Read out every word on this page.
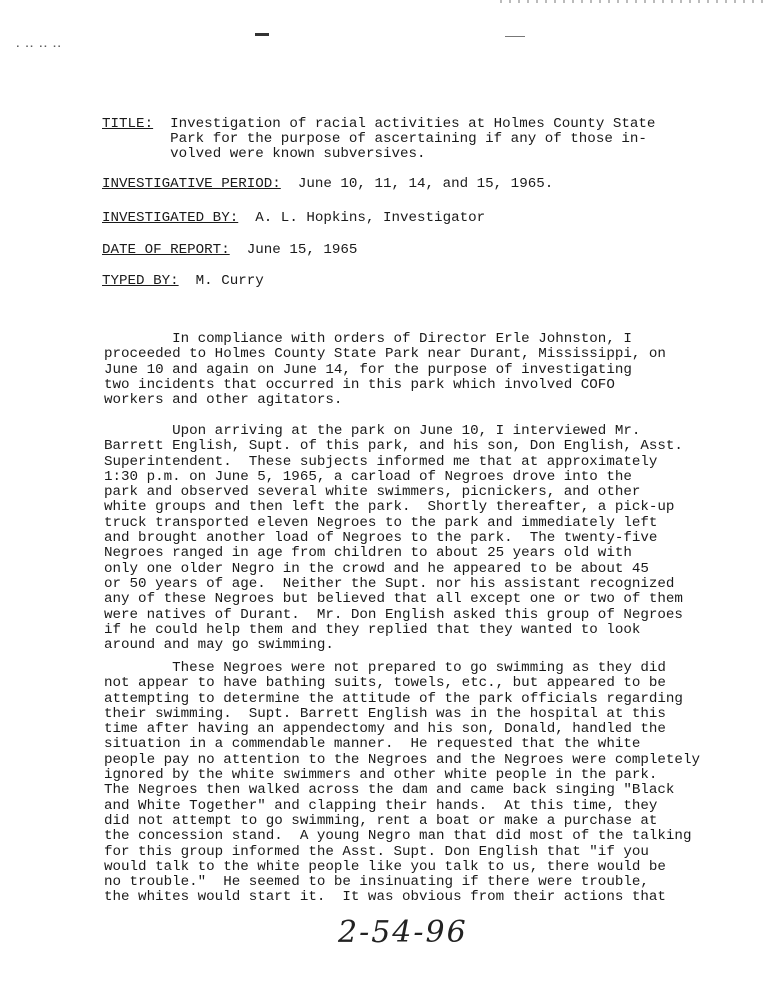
▪ ▪▪ ▪▪ ▪▪
TITLE: Investigation of racial activities at Holmes County State
Park for the purpose of ascertaining if any of those in-
volved were known subversives.
INVESTIGATIVE PERIOD: June 10, 11, 14, and 15, 1965.
INVESTIGATED BY: A. L. Hopkins, Investigator
DATE OF REPORT: June 15, 1965
TYPED BY: M. Curry
In compliance with orders of Director Erle Johnston, I
proceeded to Holmes County State Park near Durant, Mississippi, on
June 10 and again on June 14, for the purpose of investigating
two incidents that occurred in this park which involved COFO
workers and other agitators.
Upon arriving at the park on June 10, I interviewed Mr.
Barrett English, Supt. of this park, and his son, Don English, Asst.
Superintendent.  These subjects informed me that at approximately
1:30 p.m. on June 5, 1965, a carload of Negroes drove into the
park and observed several white swimmers, picnickers, and other
white groups and then left the park.  Shortly thereafter, a pick-up
truck transported eleven Negroes to the park and immediately left
and brought another load of Negroes to the park.  The twenty-five
Negroes ranged in age from children to about 25 years old with
only one older Negro in the crowd and he appeared to be about 45
or 50 years of age.  Neither the Supt. nor his assistant recognized
any of these Negroes but believed that all except one or two of them
were natives of Durant.  Mr. Don English asked this group of Negroes
if he could help them and they replied that they wanted to look
around and may go swimming.
These Negroes were not prepared to go swimming as they did
not appear to have bathing suits, towels, etc., but appeared to be
attempting to determine the attitude of the park officials regarding
their swimming.  Supt. Barrett English was in the hospital at this
time after having an appendectomy and his son, Donald, handled the
situation in a commendable manner.  He requested that the white
people pay no attention to the Negroes and the Negroes were completely
ignored by the white swimmers and other white people in the park.
The Negroes then walked across the dam and came back singing "Black
and White Together" and clapping their hands.  At this time, they
did not attempt to go swimming, rent a boat or make a purchase at
the concession stand.  A young Negro man that did most of the talking
for this group informed the Asst. Supt. Don English that "if you
would talk to the white people like you talk to us, there would be
no trouble."  He seemed to be insinuating if there were trouble,
the whites would start it.  It was obvious from their actions that
2-54-96
